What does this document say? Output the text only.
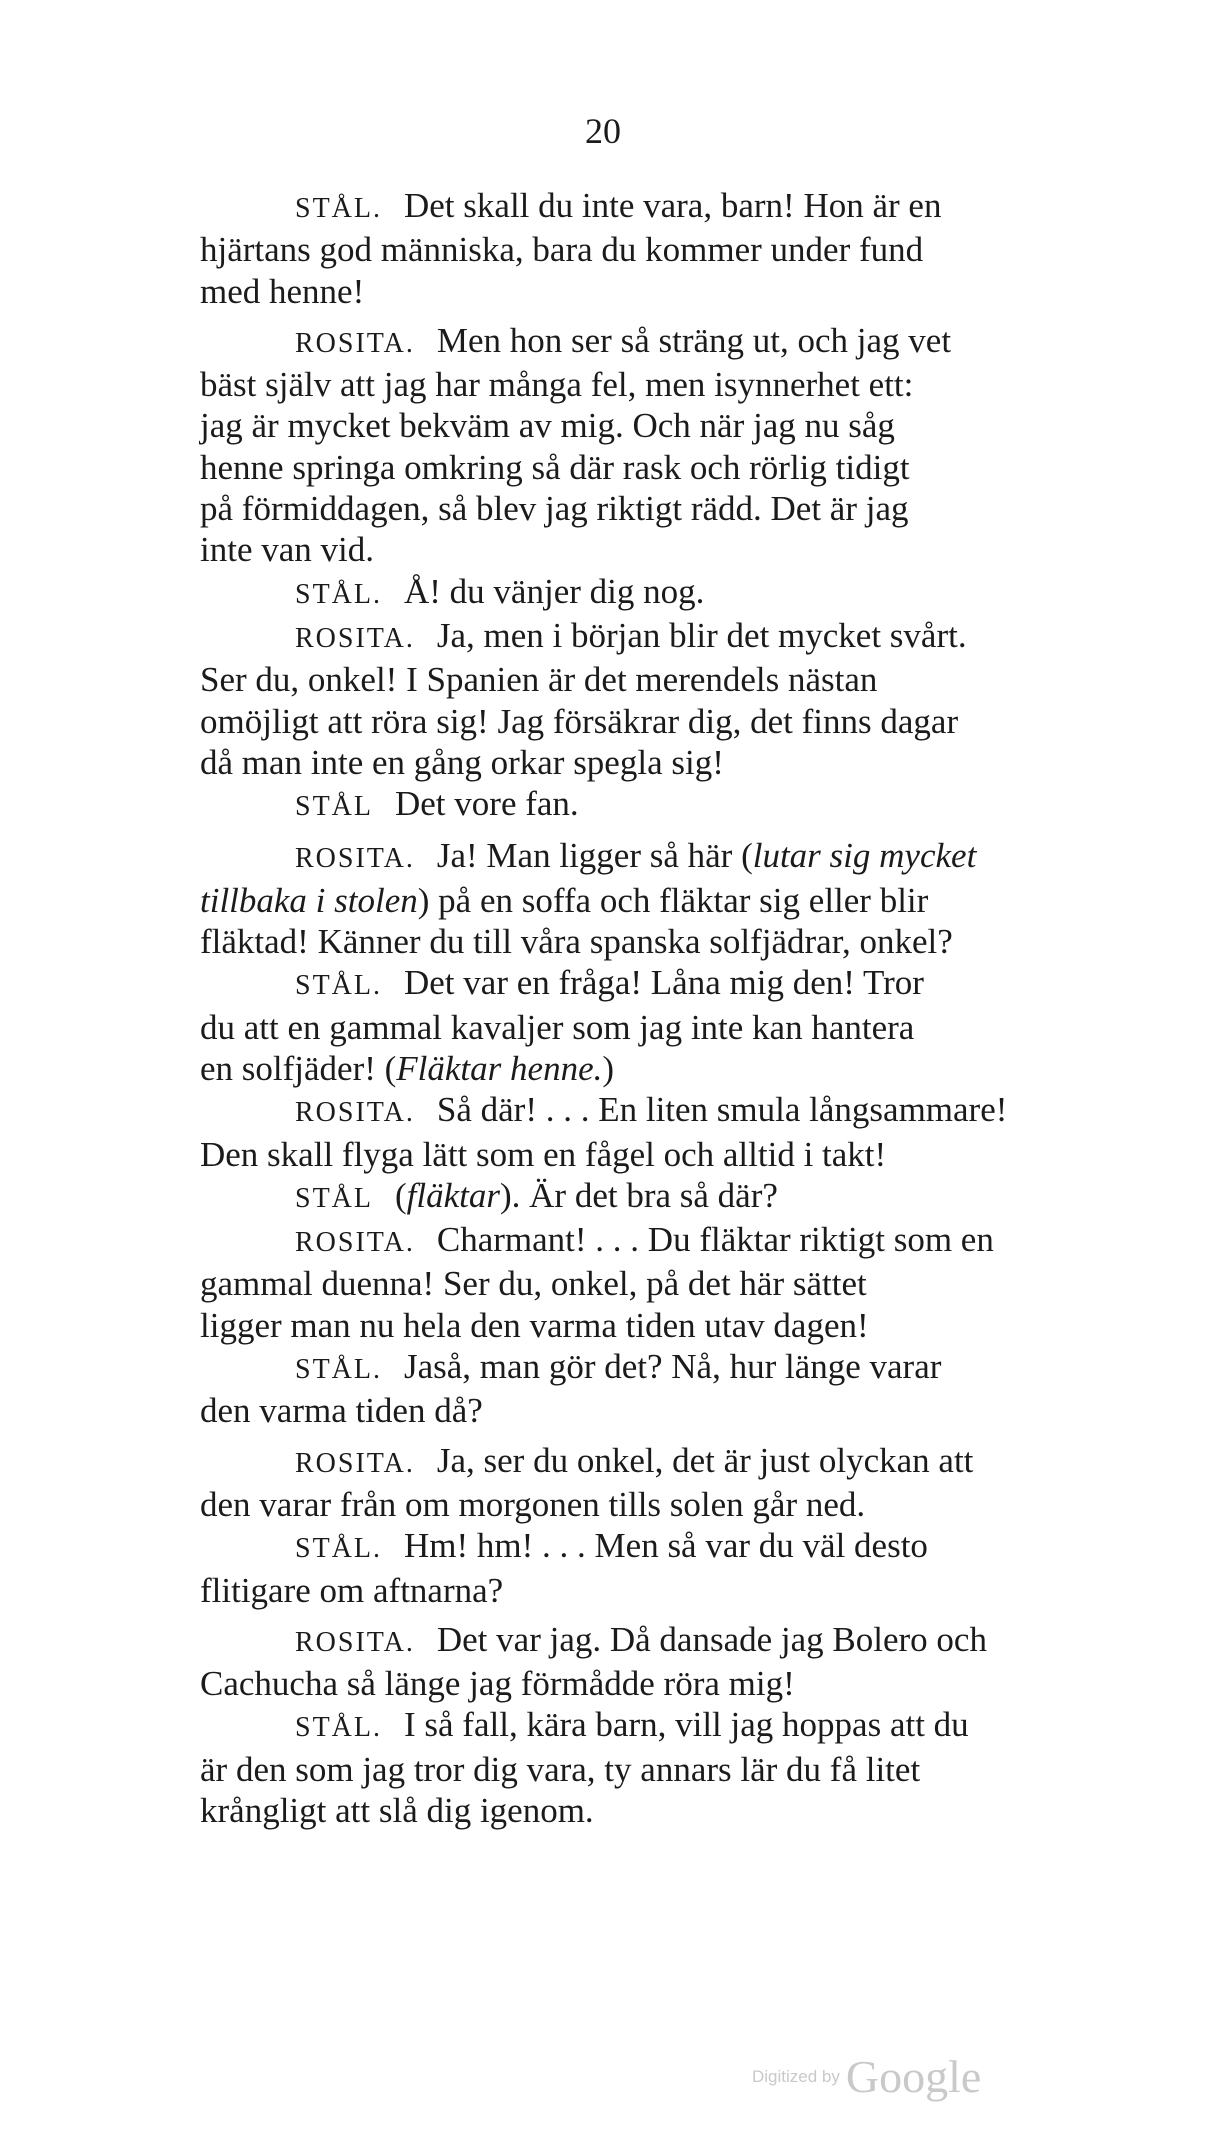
20
STÅL. Det skall du inte vara, barn! Hon är en
hjärtans god människa, bara du kommer under fund
med henne!
ROSITA. Men hon ser så sträng ut, och jag vet
bäst själv att jag har många fel, men isynnerhet ett:
jag är mycket bekväm av mig. Och när jag nu såg
henne springa omkring så där rask och rörlig tidigt
på förmiddagen, så blev jag riktigt rädd. Det är jag
inte van vid.
STÅL. Å! du vänjer dig nog.
ROSITA. Ja, men i början blir det mycket svårt.
Ser du, onkel! I Spanien är det merendels nästan
omöjligt att röra sig! Jag försäkrar dig, det finns dagar
då man inte en gång orkar spegla sig!
STÅL Det vore fan.
ROSITA. Ja! Man ligger så här (lutar sig mycket
tillbaka i stolen) på en soffa och fläktar sig eller blir
fläktad! Känner du till våra spanska solfjädrar, onkel?
STÅL. Det var en fråga! Låna mig den! Tror
du att en gammal kavaljer som jag inte kan hantera
en solfjäder! (Fläktar henne.)
ROSITA. Så där! . . . En liten smula långsammare!
Den skall flyga lätt som en fågel och alltid i takt!
STÅL (fläktar). Är det bra så där?
ROSITA. Charmant! . . . Du fläktar riktigt som en
gammal duenna! Ser du, onkel, på det här sättet
ligger man nu hela den varma tiden utav dagen!
STÅL. Jaså, man gör det? Nå, hur länge varar
den varma tiden då?
ROSITA. Ja, ser du onkel, det är just olyckan att
den varar från om morgonen tills solen går ned.
STÅL. Hm! hm! . . . Men så var du väl desto
flitigare om aftnarna?
ROSITA. Det var jag. Då dansade jag Bolero och
Cachucha så länge jag förmådde röra mig!
STÅL. I så fall, kära barn, vill jag hoppas att du
är den som jag tror dig vara, ty annars lär du få litet
krångligt att slå dig igenom.
Digitized by Google
